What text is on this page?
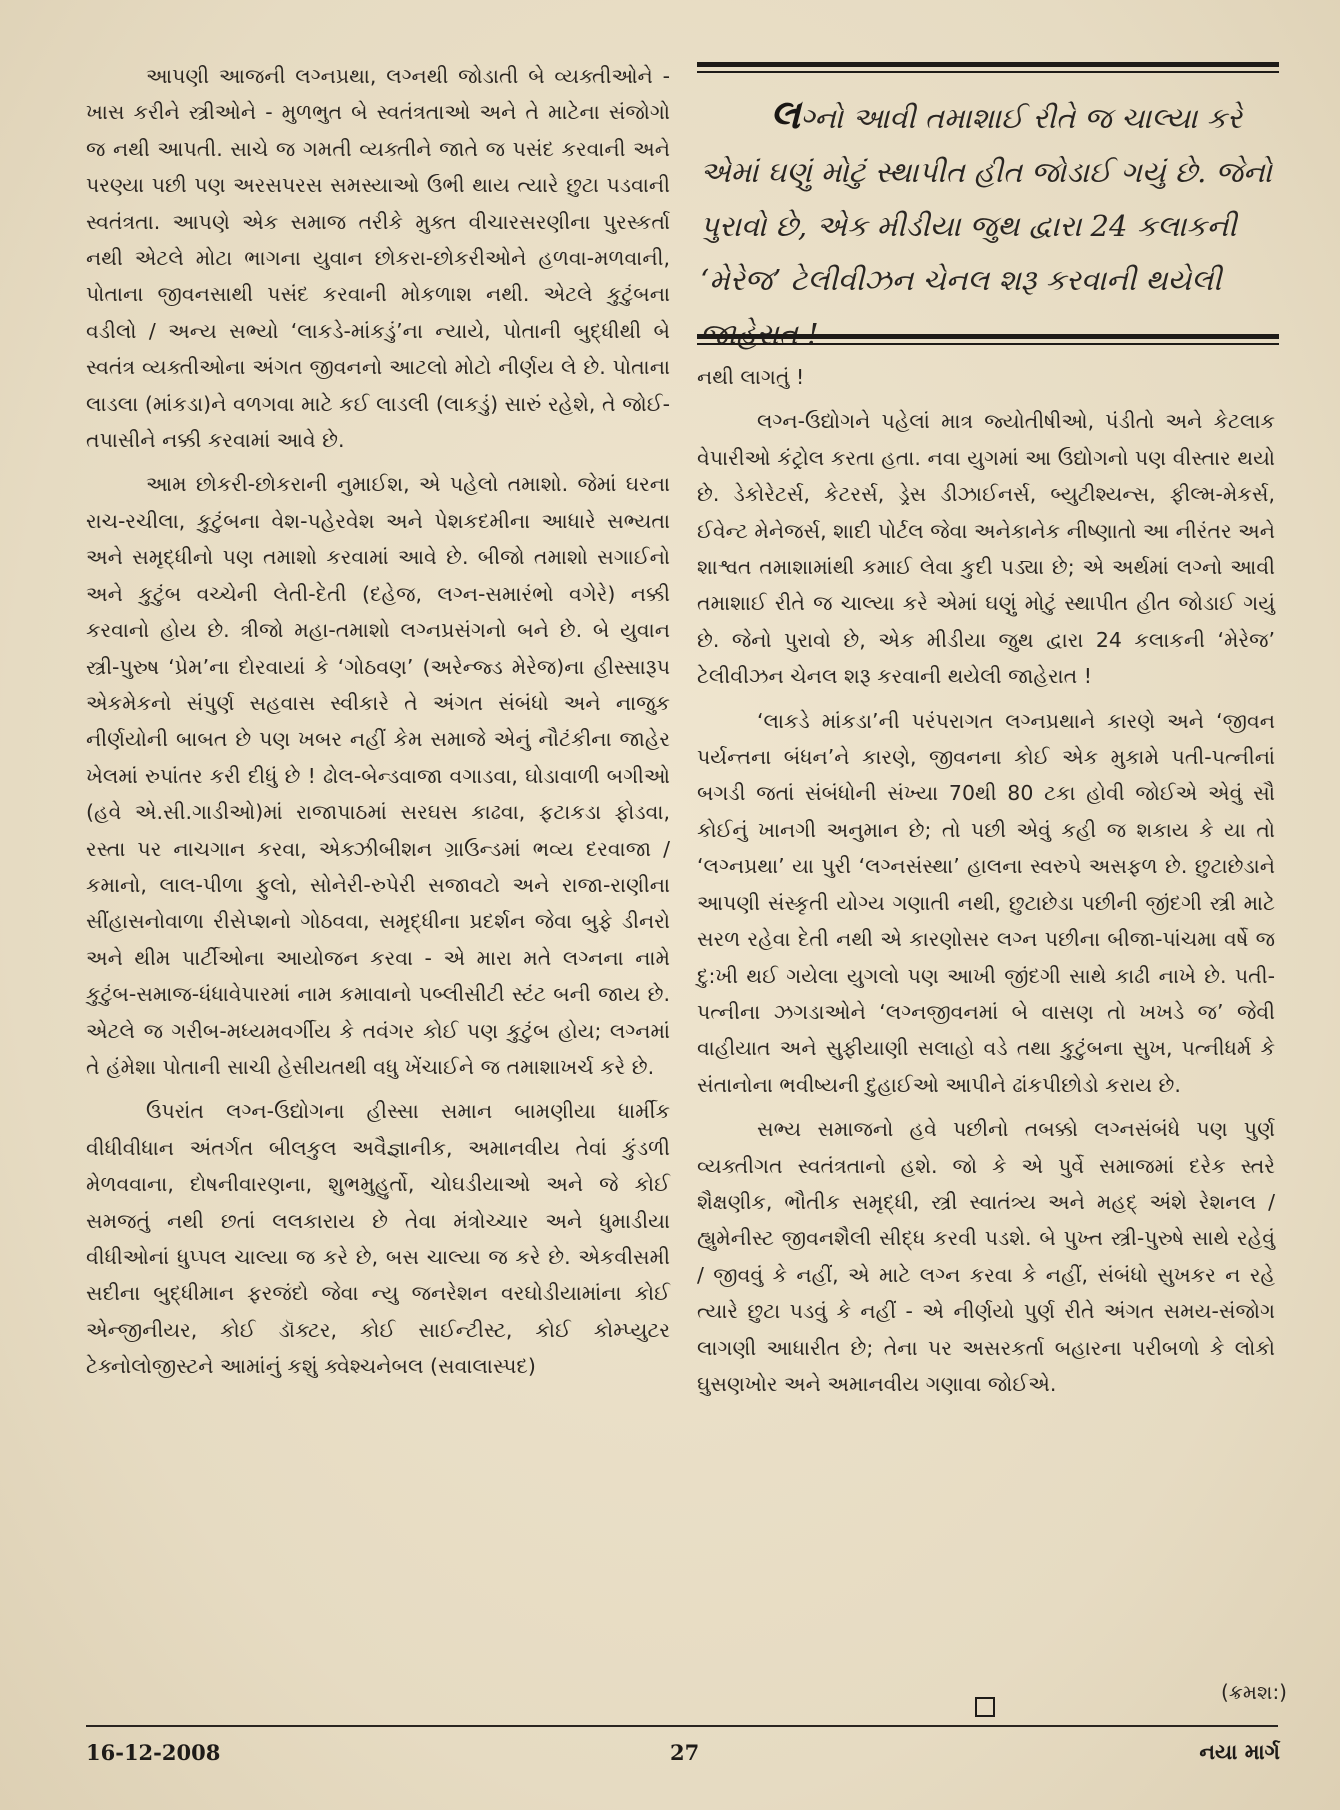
આપણી આજની લગ્નપ્રથા, લગ્નથી જોડાતી બે વ્યક્તીઓને - ખાસ કરીને સ્ત્રીઓને - મુળભુત બે સ્વતંત્રતાઓ અને તે માટેના સંજોગો જ નથી આપતી. સાચે જ ગમતી વ્યક્તીને જાતે જ પસંદ કરવાની અને પરણ્યા પછી પણ અરસપરસ સમસ્યાઓ ઉભી થાય ત્યારે છુટા પડવાની સ્વતંત્રતા. આપણે એક સમાજ તરીકે મુક્ત વીચારસરણીના પુરસ્કર્તા નથી એટલે મોટા ભાગના યુવાન છોકરા-છોકરીઓને હળવા-મળવાની, પોતાના જીવનસાથી પસંદ કરવાની મોકળાશ નથી. એટલે કુટુંબના વડીલો / અન્ય સભ્યો ‘લાકડે-માંકડું’ના ન્યાયે, પોતાની બુદ્ધીથી બે સ્વતંત્ર વ્યક્તીઓના અંગત જીવનનો આટલો મોટો નીર્ણય લે છે. પોતાના લાડલા (માંકડા)ને વળગવા માટે કઈ લાડલી (લાકડું) સારું રહેશે, તે જોઈ-તપાસીને નક્કી કરવામાં આવે છે.

આમ છોકરી-છોકરાની નુમાઈશ, એ પહેલો તમાશો. જેમાં ઘરના રાચ-રચીલા, કુટુંબના વેશ-પહેરવેશ અને પેશકદમીના આધારે સભ્યતા અને સમૃદ્ધીનો પણ તમાશો કરવામાં આવે છે. બીજો તમાશો સગાઈનો અને કુટુંબ વચ્ચેની લેતી-દેતી (દહેજ, લગ્ન-સમારંભો વગેરે) નક્કી કરવાનો હોય છે. ત્રીજો મહા-તમાશો લગ્નપ્રસંગનો બને છે. બે યુવાન સ્ત્રી-પુરુષ ‘પ્રેમ’ના દોરવાયાં કે ‘ગોઠવણ’ (અરેન્જ્ડ મેરેજ)ના હીસ્સારૂપ એકમેકનો સંપુર્ણ સહવાસ સ્વીકારે તે અંગત સંબંધો અને નાજુક નીર્ણયોની બાબત છે પણ ખબર નહીં કેમ સમાજે એનું નૌટંકીના જાહેર ખેલમાં રુપાંતર કરી દીધું છે ! ઢોલ-બેન્ડવાજા વગાડવા, ઘોડાવાળી બગીઓ (હવે એ.સી.ગાડીઓ)માં રાજાપાઠમાં સરઘસ કાઢવા, ફટાકડા ફોડવા, રસ્તા પર નાચગાન કરવા, એક્ઝીબીશન ગ્રાઉન્ડમાં ભવ્ય દરવાજા / કમાનો, લાલ-પીળા ફુલો, સોનેરી-રુપેરી સજાવટો અને રાજા-રાણીના સીંહાસનોવાળા રીસેપ્શનો ગોઠવવા, સમૃદ્ધીના પ્રદર્શન જેવા બુફે ડીનરો અને થીમ પાર્ટીઓના આયોજન કરવા - એ મારા મતે લગ્નના નામે કુટુંબ-સમાજ-ધંધાવેપારમાં નામ કમાવાનો પબ્લીસીટી સ્ટંટ બની જાય છે. એટલે જ ગરીબ-મધ્યમવર્ગીય કે તવંગર કોઈ પણ કુટુંબ હોય; લગ્નમાં તે હંમેશા પોતાની સાચી હેસીયતથી વધુ ખેંચાઈને જ તમાશાખર્ચ કરે છે.

ઉપરાંત લગ્ન-ઉદ્યોગના હીસ્સા સમાન બામણીયા ધાર્મીક વીધીવીધાન અંતર્ગત બીલકુલ અવૈજ્ઞાનીક, અમાનવીય તેવાં કુંડળી મેળવવાના, દોષનીવારણના, શુભમુહુર્તો, ચોઘડીયાઓ અને જે કોઈ સમજતું નથી છતાં લલકારાય છે તેવા મંત્રોચ્ચાર અને ધુમાડીયા વીધીઓનાં ધુપ્પલ ચાલ્યા જ કરે છે, બસ ચાલ્યા જ કરે છે. એકવીસમી સદીના બુદ્ધીમાન ફરજંદો જેવા ન્યુ જનરેશન વરઘોડીયામાંના કોઈ એન્જીનીયર, કોઈ ડૉક્ટર, કોઈ સાઈન્ટીસ્ટ, કોઈ કોમ્પ્યુટર ટેક્નોલોજીસ્ટને આમાંનું કશું ક્વેશ્ચનેબલ (સવાલાસ્પદ)

લગ્નો આવી તમાશાઈ રીતે જ ચાલ્યા કરે એમાં ઘણું મોટું સ્થાપીત હીત જોડાઈ ગયું છે. જેનો પુરાવો છે, એક મીડીયા જુથ દ્વારા 24 કલાકની ‘મેરેજ’ ટેલીવીઝન ચેનલ શરૂ કરવાની થયેલી

નથી લાગતું !

લગ્ન-ઉદ્યોગને પહેલાં માત્ર જ્યોતીષીઓ, પંડીતો અને કેટલાક વેપારીઓ કંટ્રોલ કરતા હતા. નવા યુગમાં આ ઉદ્યોગનો પણ વીસ્તાર થયો છે. ડેકોરેટર્સ, કેટરર્સ, ડ્રેસ ડીઝાઈનર્સ, બ્યુટીશ્યન્સ, ફીલ્મ-મેકર્સ, ઈવેન્ટ મેનેજર્સ, શાદી પોર્ટલ જેવા અનેકાનેક નીષ્ણાતો આ નીરંતર અને શાશ્વત તમાશામાંથી કમાઈ લેવા કુદી પડ્યા છે; એ અર્થમાં લગ્નો આવી તમાશાઈ રીતે જ ચાલ્યા કરે એમાં ઘણું મોટું સ્થાપીત હીત જોડાઈ ગયું છે. જેનો પુરાવો છે, એક મીડીયા જુથ દ્વારા 24 કલાકની ‘મેરેજ’ ટેલીવીઝન ચેનલ શરૂ કરવાની થયેલી જાહેરાત !

‘લાકડે માંકડા’ની પરંપરાગત લગ્નપ્રથાને કારણે અને ‘જીવન પર્યન્તના બંધન’ને કારણે, જીવનના કોઈ એક મુકામે પતી-પત્નીનાં બગડી જતાં સંબંધોની સંખ્યા 70થી 80 ટકા હોવી જોઈએ એવું સૌ કોઈનું ખાનગી અનુમાન છે; તો પછી એવું કહી જ શકાય કે યા તો ‘લગ્નપ્રથા’ યા પુરી ‘લગ્નસંસ્થા’ હાલના સ્વરુપે અસફળ છે. છુટાછેડાને આપણી સંસ્કૃતી યોગ્ય ગણાતી નથી, છુટાછેડા પછીની જીંદગી સ્ત્રી માટે સરળ રહેવા દેતી નથી એ કારણોસર લગ્ન પછીના બીજા-પાંચમા વર્ષે જ દુ:ખી થઈ ગયેલા યુગલો પણ આખી જીંદગી સાથે કાઢી નાખે છે. પતી-પત્નીના ઝગડાઓને ‘લગ્નજીવનમાં બે વાસણ તો ખખડે જ’ જેવી વાહીયાત અને સુફીયાણી સલાહો વડે તથા કુટુંબના સુખ, પત્નીધર્મ કે સંતાનોના ભવીષ્યની દુહાઈઓ આપીને ઢાંકપીછોડો કરાય છે.

સભ્ય સમાજનો હવે પછીનો તબક્કો લગ્નસંબંધે પણ પુર્ણ વ્યક્તીગત સ્વતંત્રતાનો હશે. જો કે એ પુર્વે સમાજમાં દરેક સ્તરે શૈક્ષણીક, ભૌતીક સમૃદ્ધી, સ્ત્રી સ્વાતંત્ર્ય અને મહદ્ અંશે રેશનલ / હ્યુમેનીસ્ટ જીવનશૈલી સીદ્ધ કરવી પડશે. બે પુખ્ત સ્ત્રી-પુરુષે સાથે રહેવું / જીવવું કે નહીં, એ માટે લગ્ન કરવા કે નહીં, સંબંધો સુખકર ન રહે ત્યારે છુટા પડવું કે નહીં - એ નીર્ણયો પુર્ણ રીતે અંગત સમય-સંજોગ લાગણી આધારીત છે; તેના પર અસરકર્તા બહારના પરીબળો કે લોકો ઘુસણખોર અને અમાનવીય ગણાવા જોઈએ.

(ક્રમશ:)
16-12-2008	27	નયા માર્ગ
